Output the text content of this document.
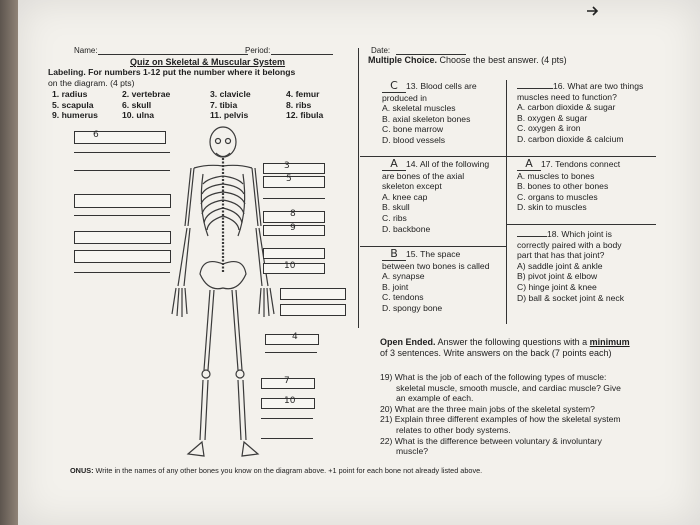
Name:	Period:	Date:
Quiz on Skeletal & Muscular System
Labeling. For numbers 1-12 put the number where it belongs
on the diagram. (4 pts)
1. radius	2. vertebrae	3. clavicle	4. femur
5. scapula	6. skull	7. tibia	8. ribs
9. humerus	10. ulna	11. pelvis	12. fibula
6
3
5
8
9
10
4
7
10
Multiple Choice. Choose the best answer. (4 pts)
C 13. Blood cells are
produced in
A. skeletal muscles
B. axial skeleton bones
C. bone marrow
D. blood vessels
16. What are two things
muscles need to function?
A. carbon dioxide & sugar
B. oxygen & sugar
C. oxygen & iron
D. carbon dioxide & calcium
A 14. All of the following
are bones of the axial
skeleton except
A. knee cap
B. skull
C. ribs
D. backbone
A 17. Tendons connect
A. muscles to bones
B. bones to other bones
C. organs to muscles
D. skin to muscles
18. Which joint is
correctly paired with a body
part that has that joint?
A) saddle joint & ankle
B) pivot joint & elbow
C) hinge joint & knee
D) ball & socket joint & neck
B 15. The space
between two bones is called
A. synapse
B. joint
C. tendons
D. spongy bone
Open Ended. Answer the following questions with a minimum
of 3 sentences. Write answers on the back (7 points each)
19) What is the job of each of the following types of muscle:
skeletal muscle, smooth muscle, and cardiac muscle? Give
an example of each.
20) What are the three main jobs of the skeletal system?
21) Explain three different examples of how the skeletal system
relates to other body systems.
22) What is the difference between voluntary & involuntary
muscle?
ONUS: Write in the names of any other bones you know on the diagram above. +1 point for each bone not already listed above.
